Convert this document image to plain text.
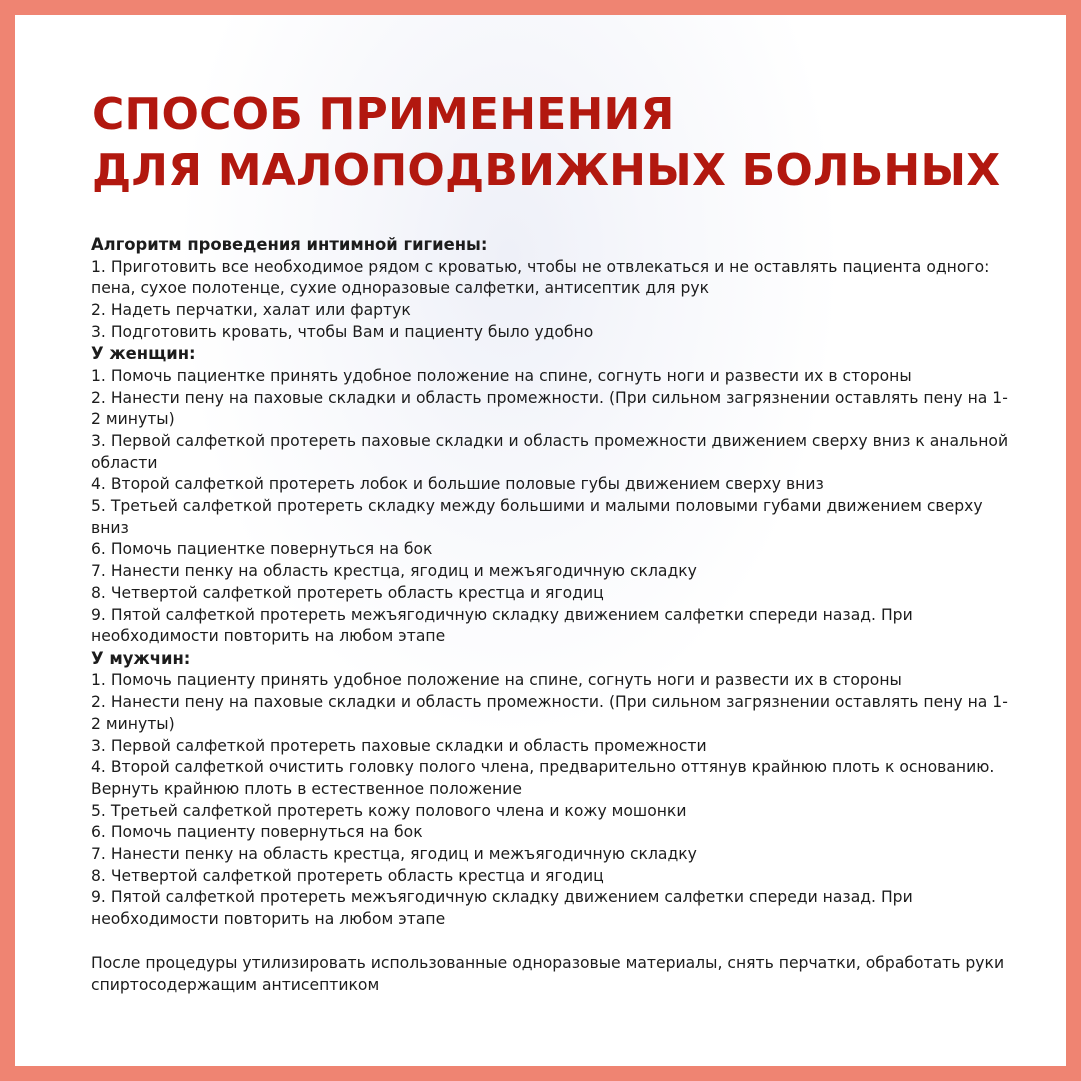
СПОСОБ ПРИМЕНЕНИЯ
ДЛЯ МАЛОПОДВИЖНЫХ БОЛЬНЫХ

Алгоритм проведения интимной гигиены:

1. Приготовить все необходимое рядом с кроватью, чтобы не отвлекаться и не оставлять пациента одного: пена, сухое полотенце, сухие одноразовые салфетки, антисептик для рук

2. Надеть перчатки, халат или фартук

3. Подготовить кровать, чтобы Вам и пациенту было удобно

У женщин:

1. Помочь пациентке принять удобное положение на спине, согнуть ноги и развести их в стороны

2. Нанести пену на паховые складки и область промежности. (При сильном загрязнении оставлять пену на 1-2 минуты)

3. Первой салфеткой протереть паховые складки и область промежности движением сверху вниз к анальной области

4. Второй салфеткой протереть лобок и большие половые губы движением сверху вниз

5. Третьей салфеткой протереть складку между большими и малыми половыми губами движением сверху вниз

6. Помочь пациентке повернуться на бок

7. Нанести пенку на область крестца, ягодиц и межъягодичную складку

8. Четвертой салфеткой протереть область крестца и ягодиц

9. Пятой салфеткой протереть межъягодичную складку движением салфетки спереди назад. При необходимости повторить на любом этапе

У мужчин:

1. Помочь пациенту принять удобное положение на спине, согнуть ноги и развести их в стороны

2. Нанести пену на паховые складки и область промежности. (При сильном загрязнении оставлять пену на 1-2 минуты)

3. Первой салфеткой протереть паховые складки и область промежности

4. Второй салфеткой очистить головку полого члена, предварительно оттянув крайнюю плоть к основанию. Вернуть крайнюю плоть в естественное положение

5. Третьей салфеткой протереть кожу полового члена и кожу мошонки

6. Помочь пациенту повернуться на бок

7. Нанести пенку на область крестца, ягодиц и межъягодичную складку

8. Четвертой салфеткой протереть область крестца и ягодиц

9. Пятой салфеткой протереть межъягодичную складку движением салфетки спереди назад. При необходимости повторить на любом этапе

После процедуры утилизировать использованные одноразовые материалы, снять перчатки, обработать руки спиртосодержащим антисептиком
